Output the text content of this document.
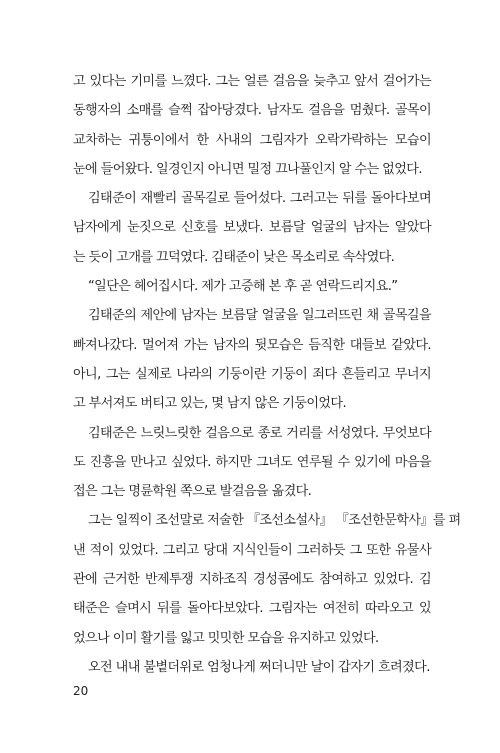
고 있다는 기미를 느꼈다. 그는 얼른 걸음을 늦추고 앞서 걸어가는
동행자의 소매를 슬쩍 잡아당겼다. 남자도 걸음을 멈췄다. 골목이
교차하는 귀퉁이에서 한 사내의 그림자가 오락가락하는 모습이
눈에 들어왔다. 일경인지 아니면 밀정 끄나풀인지 알 수는 없었다.
김태준이 재빨리 골목길로 들어섰다. 그러고는 뒤를 돌아다보며
남자에게 눈짓으로 신호를 보냈다. 보름달 얼굴의 남자는 알았다
는 듯이 고개를 끄덕였다. 김태준이 낮은 목소리로 속삭였다.
“일단은 헤어집시다. 제가 고증해 본 후 곧 연락드리지요.”
김태준의 제안에 남자는 보름달 얼굴을 일그러뜨린 채 골목길을
빠져나갔다. 멀어져 가는 남자의 뒷모습은 듬직한 대들보 같았다.
아니, 그는 실제로 나라의 기둥이란 기둥이 죄다 흔들리고 무너지
고 부서져도 버티고 있는, 몇 남지 않은 기둥이었다.
김태준은 느릿느릿한 걸음으로 종로 거리를 서성였다. 무엇보다
도 진흥을 만나고 싶었다. 하지만 그녀도 연루될 수 있기에 마음을
접은 그는 명륜학원 쪽으로 발걸음을 옮겼다.
그는 일찍이 조선말로 저술한 『조선소설사』 『조선한문학사』를 펴
낸 적이 있었다. 그리고 당대 지식인들이 그러하듯 그 또한 유물사
관에 근거한 반제투쟁 지하조직 경성콤에도 참여하고 있었다. 김
태준은 슬며시 뒤를 돌아다보았다. 그림자는 여전히 따라오고 있
었으나 이미 활기를 잃고 밋밋한 모습을 유지하고 있었다.
오전 내내 불볕더위로 엄청나게 쩌더니만 날이 갑자기 흐려졌다.
20
